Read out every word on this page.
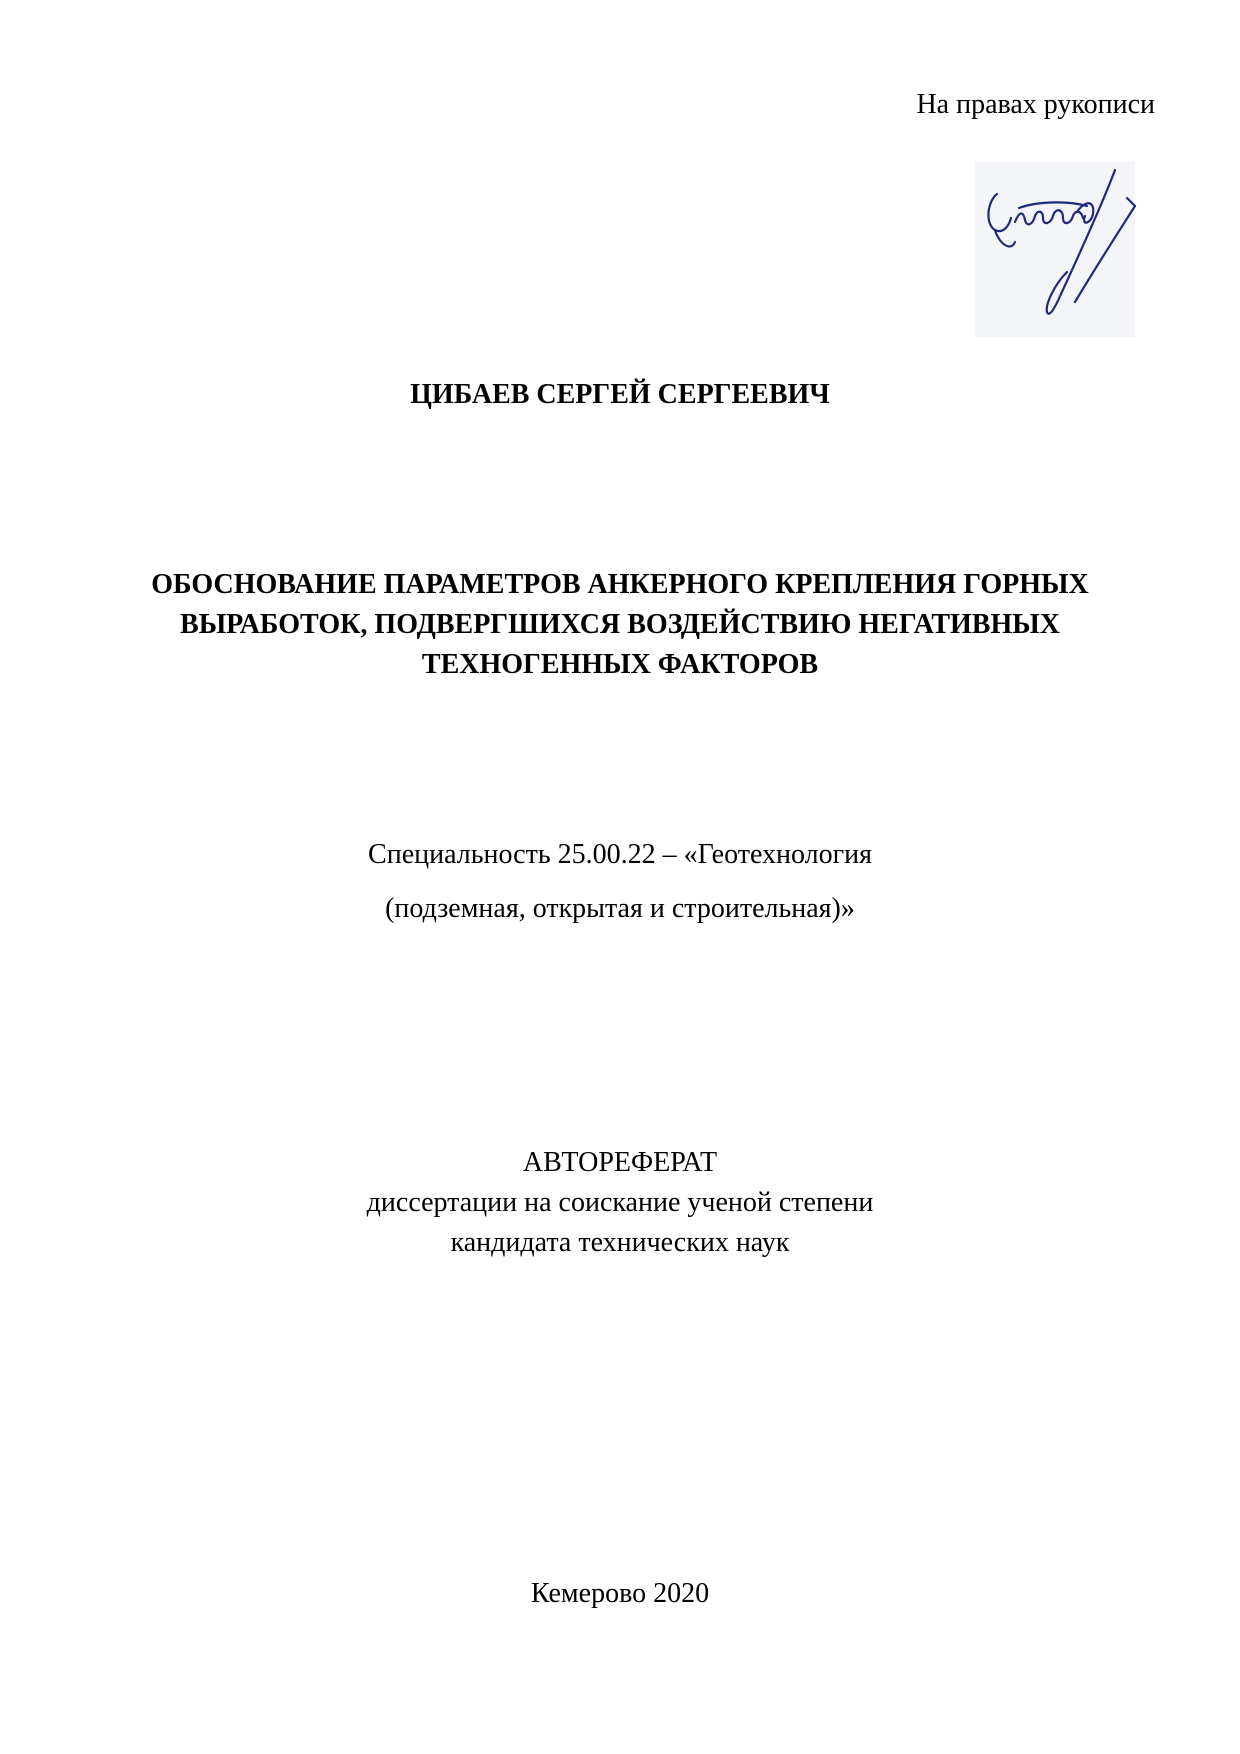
На правах рукописи
ЦИБАЕВ СЕРГЕЙ СЕРГЕЕВИЧ
ОБОСНОВАНИЕ ПАРАМЕТРОВ АНКЕРНОГО КРЕПЛЕНИЯ ГОРНЫХ
ВЫРАБОТОК, ПОДВЕРГШИХСЯ ВОЗДЕЙСТВИЮ НЕГАТИВНЫХ
ТЕХНОГЕННЫХ ФАКТОРОВ
Специальность 25.00.22 – «Геотехнология
(подземная, открытая и строительная)»
АВТОРЕФЕРАТ
диссертации на соискание ученой степени
кандидата технических наук
Кемерово 2020
